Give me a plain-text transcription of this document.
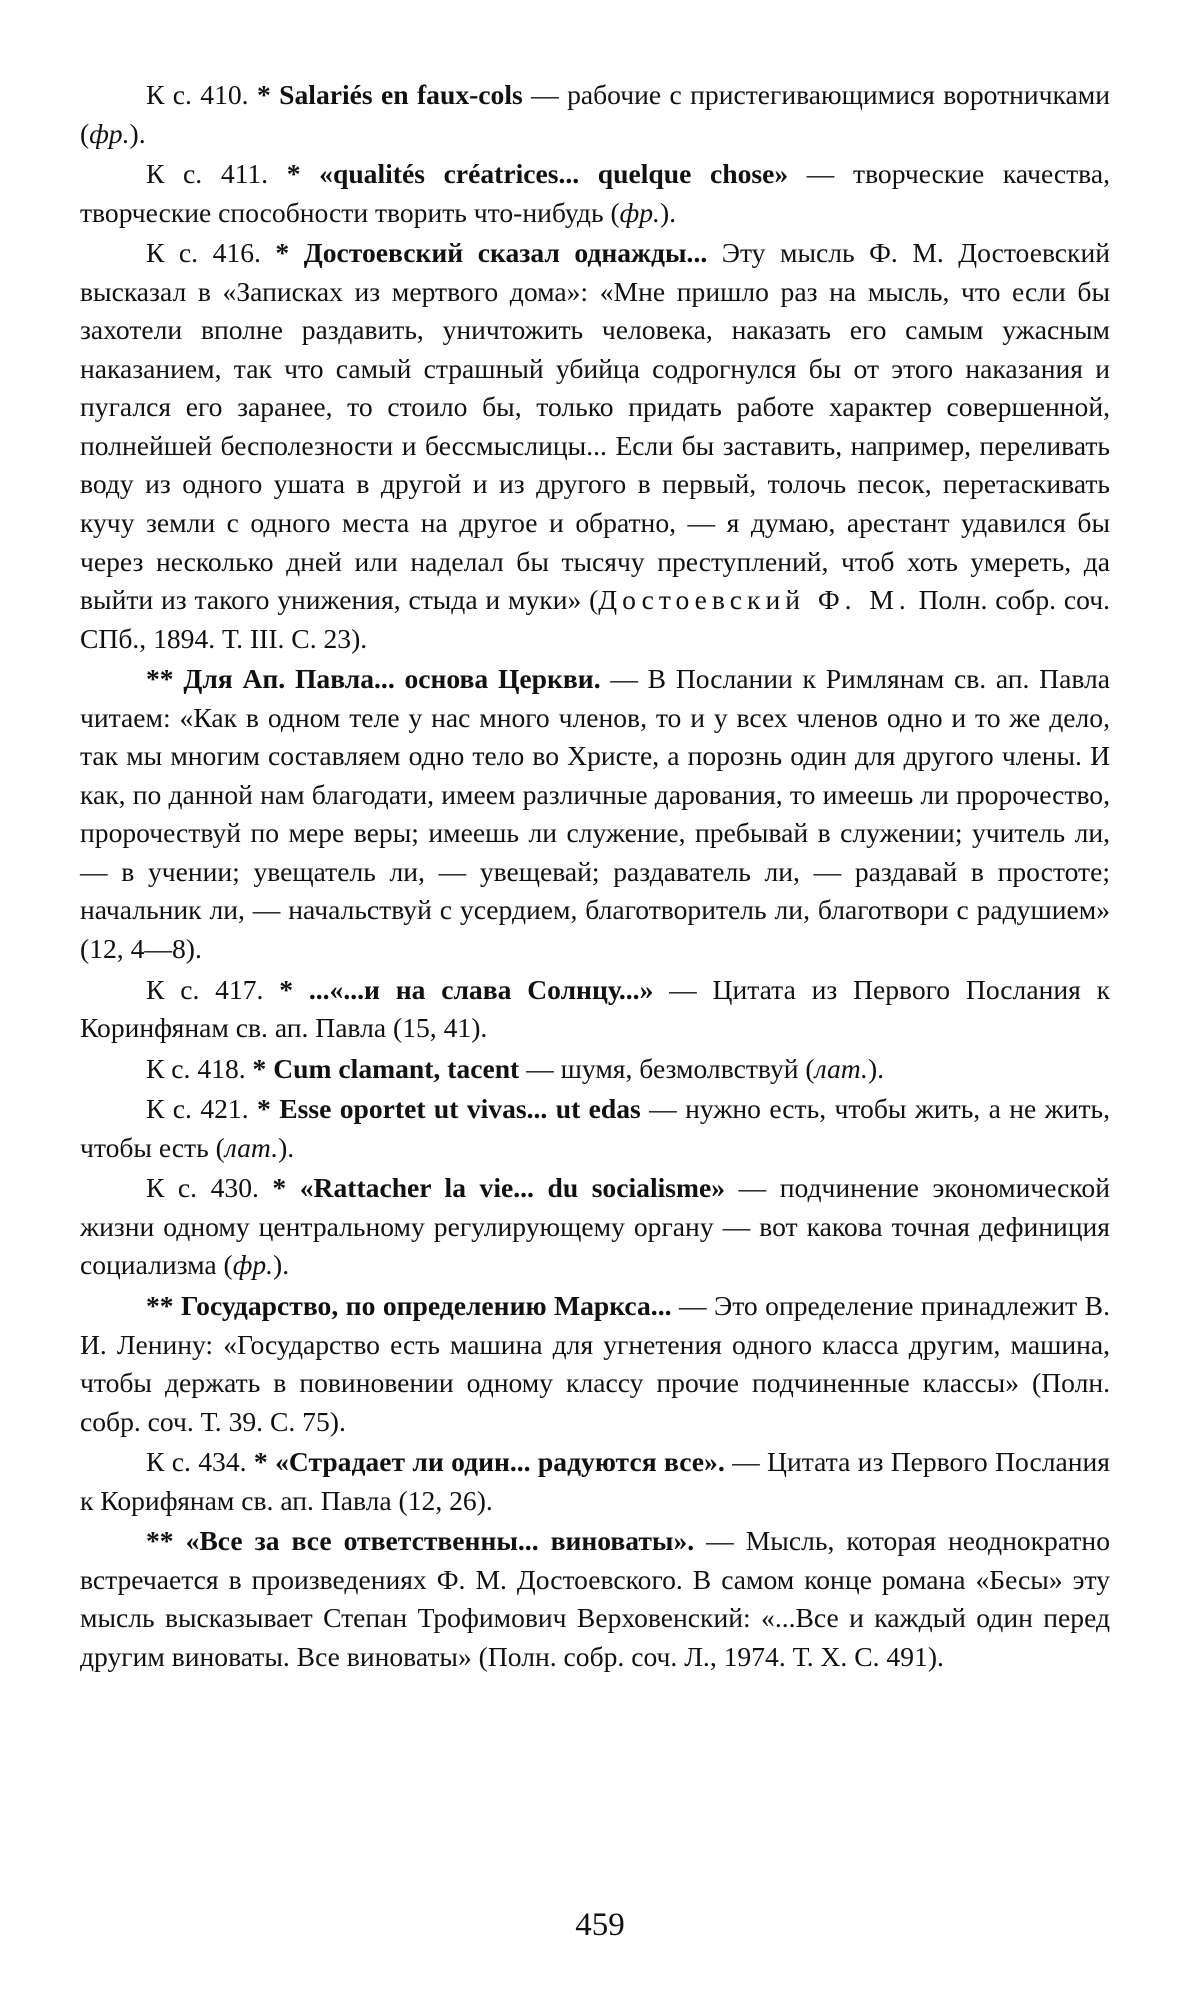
К с. 410. * Salariés en faux-cols — рабочие с пристегивающимися воротничками (фр.).

К с. 411. * «qualités créatrices... quelque chose» — творческие качества, творческие способности творить что-нибудь (фр.).

К с. 416. * Достоевский сказал однажды... Эту мысль Ф. М. Достоевский высказал в «Записках из мертвого дома»: «Мне пришло раз на мысль, что если бы захотели вполне раздавить, уничтожить человека, наказать его самым ужасным наказанием, так что самый страшный убийца содрогнулся бы от этого наказания и пугался его заранее, то стоило бы, только придать работе характер совершенной, полнейшей бесполезности и бессмыслицы... Если бы заставить, например, переливать воду из одного ушата в другой и из другого в первый, толочь песок, перетаскивать кучу земли с одного места на другое и обратно, — я думаю, арестант удавился бы через несколько дней или наделал бы тысячу преступлений, чтоб хоть умереть, да выйти из такого унижения, стыда и муки» (Достоевский Ф. М. Полн. собр. соч. СПб., 1894. Т. III. С. 23).

** Для Ап. Павла... основа Церкви. — В Послании к Римлянам св. ап. Павла читаем: «Как в одном теле у нас много членов, то и у всех членов одно и то же дело, так мы многим составляем одно тело во Христе, а порознь один для другого члены. И как, по данной нам благодати, имеем различные дарования, то имеешь ли пророчество, пророчествуй по мере веры; имеешь ли служение, пребывай в служении; учитель ли, — в учении; увещатель ли, — увещевай; раздаватель ли, — раздавай в простоте; начальник ли, — начальствуй с усердием, благотворитель ли, благотвори с радушием» (12, 4—8).

К с. 417. * ...«...и на слава Солнцу...» — Цитата из Первого Послания к Коринфянам св. ап. Павла (15, 41).

К с. 418. * Cum clamant, tacent — шумя, безмолвствуй (лат.).

К с. 421. * Esse oportet ut vivas... ut edas — нужно есть, чтобы жить, а не жить, чтобы есть (лат.).

К с. 430. * «Rattacher la vie... du socialisme» — подчинение экономической жизни одному центральному регулирующему органу — вот какова точная дефиниция социализма (фр.).

** Государство, по определению Маркса... — Это определение принадлежит В. И. Ленину: «Государство есть машина для угнетения одного класса другим, машина, чтобы держать в повиновении одному классу прочие подчиненные классы» (Полн. собр. соч. Т. 39. С. 75).

К с. 434. * «Страдает ли один... радуются все». — Цитата из Первого Послания к Корифянам св. ап. Павла (12, 26).

** «Все за все ответственны... виноваты». — Мысль, которая неоднократно встречается в произведениях Ф. М. Достоевского. В самом конце романа «Бесы» эту мысль высказывает Степан Трофимович Верховенский: «...Все и каждый один перед другим виноваты. Все виноваты» (Полн. собр. соч. Л., 1974. Т. X. С. 491).

459
